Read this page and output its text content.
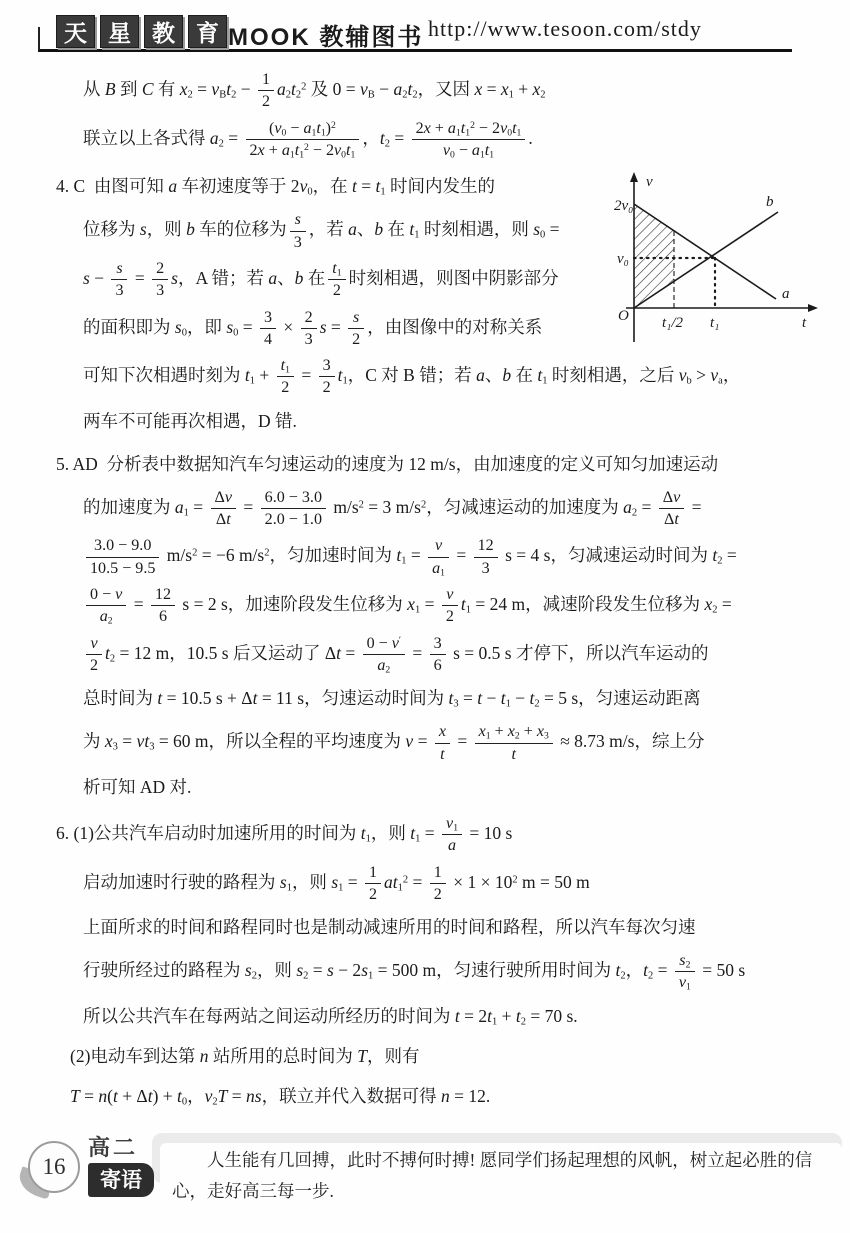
天 星 教 育 MOOK 教辅图书 http://www.tesoon.com/stdy
从 B 到 C 有 $x_2 = v_Bt_2 - \frac{1}{2} a_2t_2^2$ 及 $0 = v_B - a_2t_2$，又因 $x = x_1 + x_2$
联立以上各式得 $a_2 = \frac{(v_0 - a_1t_1)^2}{2x + a_1t_1^2 - 2v_0t_1}$ ，$t_2 = \frac{2x + a_1t_1^2 - 2v_0t_1}{v_0 - a_1t_1}$ .
v
t
O
2v₀
v₀
t₁/2 t₁
b
a
4. C  由图可知 a 车初速度等于 $2v_0$，在 $t = t_1$ 时间内发生的
位移为 s，则 b 车的位移为 $\frac{s}{3}$ ，若 a、b 在 $t_1$ 时刻相遇，则 $s_0$ =
$s - \frac{s}{3} = \frac{2}{3}$ s，A 错；若 a、b 在 $\frac{t_1}{2}$ 时刻相遇，则图中阴影部分
的面积即为 $s_0$，即 $s_0 = \frac{3}{4} \times \frac{2}{3}$ $s = \frac{s}{2}$ ，由图像中的对称关系
可知下次相遇时刻为 $t_1 + \frac{t_1}{2} = \frac{3}{2} t_1$，C 对 B 错；若 a、b 在 $t_1$ 时刻相遇，之后 $v_b > v_a$，
两车不可能再次相遇，D 错.
5. AD  分析表中数据知汽车匀速运动的速度为 12 m/s，由加速度的定义可知匀加速运动
的加速度为 $a_1 = \frac{\Delta v}{\Delta t} = \frac{6.0 - 3.0}{2.0 - 1.0} m/s^2 = 3$ $m/s^2$，匀减速运动的加速度为 $a_2 = \frac{\Delta v}{\Delta t}$ =
$\frac{3.0 - 9.0}{10.5 - 9.5} m/s^2 = -6$ $m/s^2$，匀加速时间为 $t_1 = \frac{v}{a_1} = \frac{12}{3}$ s = 4 s，匀减速运动时间为 $t_2$ =
$\frac{0 - v}{a_2} = \frac{12}{6}$ s = 2 s，加速阶段发生位移为 $x_1 = \frac{v}{2} t_1 = 24$ m，减速阶段发生位移为 $x_2$ =
$\frac{v}{2} t_2 = 12$ m，10.5 s 后又运动了 $\Delta t = \frac{0 - v'}{a_2} = \frac{3}{6}$ s = 0.5 s 才停下，所以汽车运动的
总时间为 t = 10.5 s + Δt = 11 s，匀速运动时间为 $t_3 = t - t_1 - t_2 = 5$ s，匀速运动距离
为 $x_3 = vt_3 = 60$ m，所以全程的平均速度为 $v = \frac{x}{t} = \frac{x_1 + x_2 + x_3}{t} \approx 8.73$ m/s，综上分
析可知 AD 对.
6. (1)公共汽车启动时加速所用的时间为 $t_1$，则 $t_1 = \frac{v_1}{a} = 10$ s
启动加速时行驶的路程为 $s_1$，则 $s_1 = \frac{1}{2} at_1^2 = \frac{1}{2} \times 1 \times 10^2$ m = 50 m
上面所求的时间和路程同时也是制动减速所用的时间和路程，所以汽车每次匀速
行驶所经过的路程为 $s_2$，则 $s_2 = s - 2s_1 = 500$ m，匀速行驶所用时间为 $t_2$，$t_2 = \frac{s_2}{v_1} = 50$ s
所以公共汽车在每两站之间运动所经历的时间为 $t = 2t_1 + t_2 = 70$ s.
(2)电动车到达第 n 站所用的总时间为 T，则有
$T = n(t + \Delta t) + t_0$，$v_2T$ = ns，联立并代入数据可得 n = 12.
16
高二
寄语
人生能有几回搏，此时不搏何时搏! 愿同学们扬起理想的风帆，树立起必胜的信
心，走好高三每一步.
